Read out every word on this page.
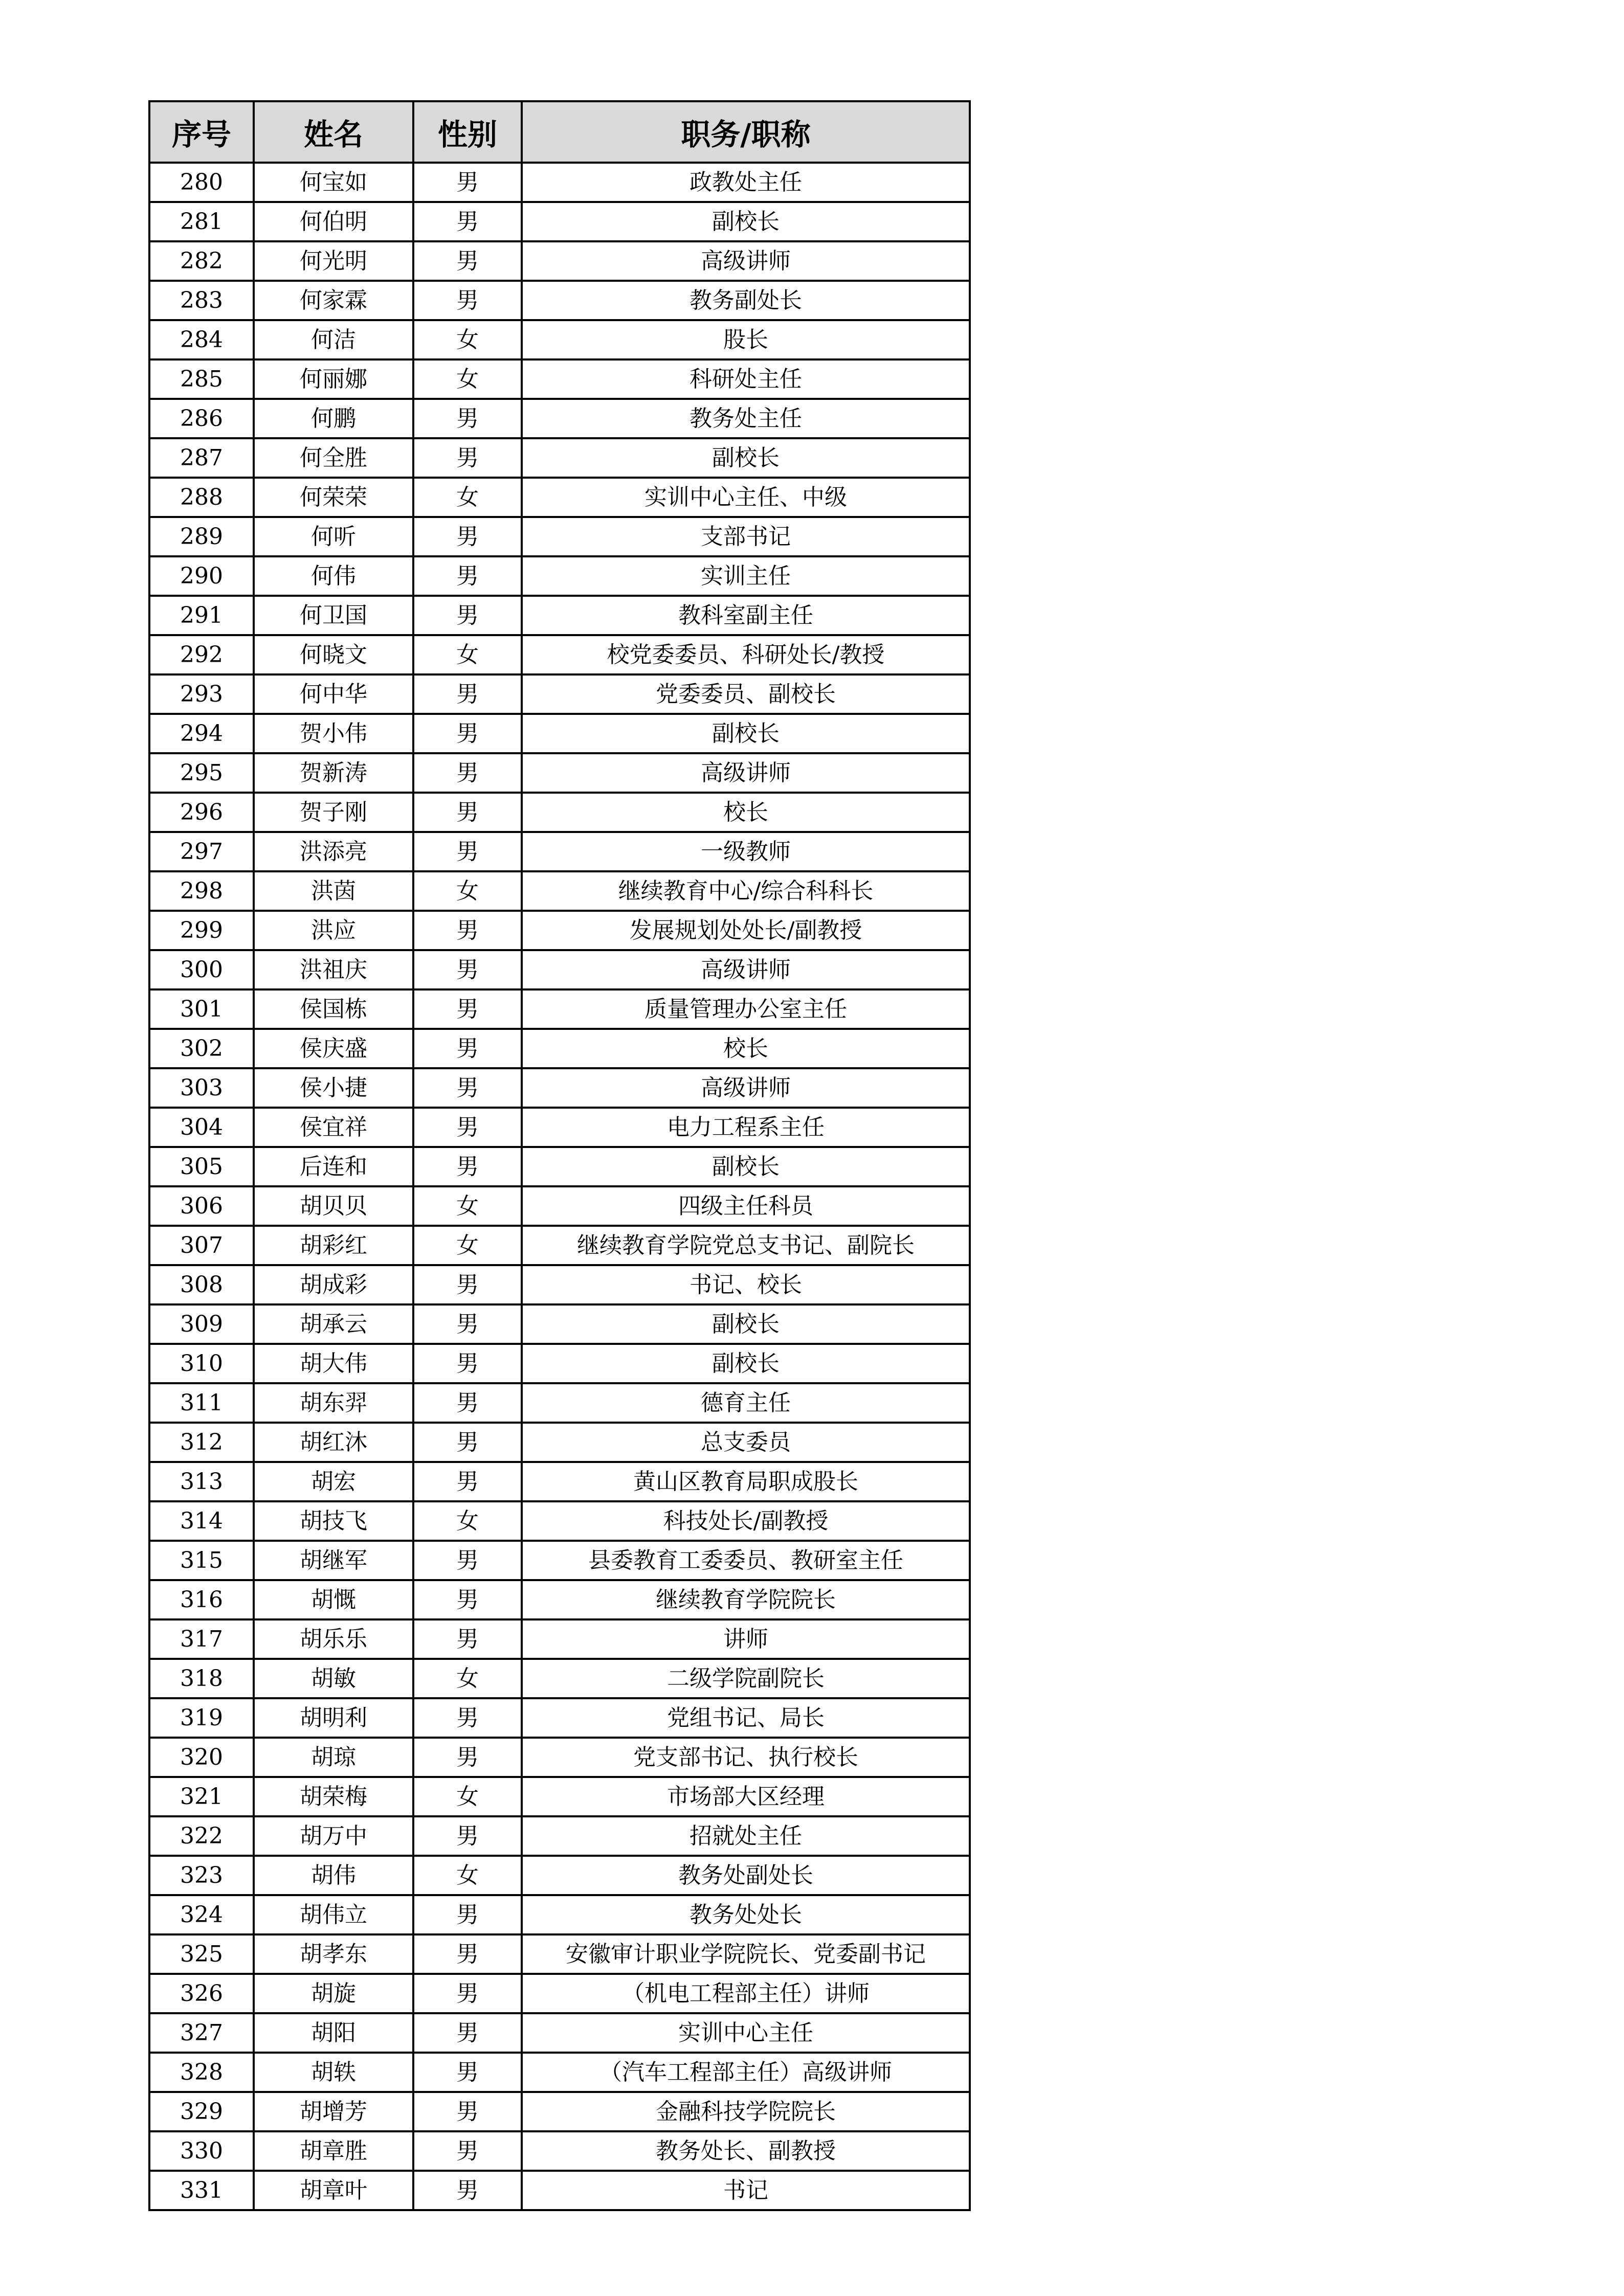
序号	姓名	性别	职务/职称
280	何宝如	男	政教处主任
281	何伯明	男	副校长
282	何光明	男	高级讲师
283	何家霖	男	教务副处长
284	何洁	女	股长
285	何丽娜	女	科研处主任
286	何鹏	男	教务处主任
287	何全胜	男	副校长
288	何荣荣	女	实训中心主任、中级
289	何听	男	支部书记
290	何伟	男	实训主任
291	何卫国	男	教科室副主任
292	何晓文	女	校党委委员、科研处长/教授
293	何中华	男	党委委员、副校长
294	贺小伟	男	副校长
295	贺新涛	男	高级讲师
296	贺子刚	男	校长
297	洪添亮	男	一级教师
298	洪茵	女	继续教育中心/综合科科长
299	洪应	男	发展规划处处长/副教授
300	洪祖庆	男	高级讲师
301	侯国栋	男	质量管理办公室主任
302	侯庆盛	男	校长
303	侯小捷	男	高级讲师
304	侯宜祥	男	电力工程系主任
305	后连和	男	副校长
306	胡贝贝	女	四级主任科员
307	胡彩红	女	继续教育学院党总支书记、副院长
308	胡成彩	男	书记、校长
309	胡承云	男	副校长
310	胡大伟	男	副校长
311	胡东羿	男	德育主任
312	胡红沐	男	总支委员
313	胡宏	男	黄山区教育局职成股长
314	胡技飞	女	科技处长/副教授
315	胡继军	男	县委教育工委委员、教研室主任
316	胡慨	男	继续教育学院院长
317	胡乐乐	男	讲师
318	胡敏	女	二级学院副院长
319	胡明利	男	党组书记、局长
320	胡琼	男	党支部书记、执行校长
321	胡荣梅	女	市场部大区经理
322	胡万中	男	招就处主任
323	胡伟	女	教务处副处长
324	胡伟立	男	教务处处长
325	胡孝东	男	安徽审计职业学院院长、党委副书记
326	胡旋	男	（机电工程部主任）讲师
327	胡阳	男	实训中心主任
328	胡轶	男	（汽车工程部主任）高级讲师
329	胡增芳	男	金融科技学院院长
330	胡章胜	男	教务处长、副教授
331	胡章叶	男	书记
